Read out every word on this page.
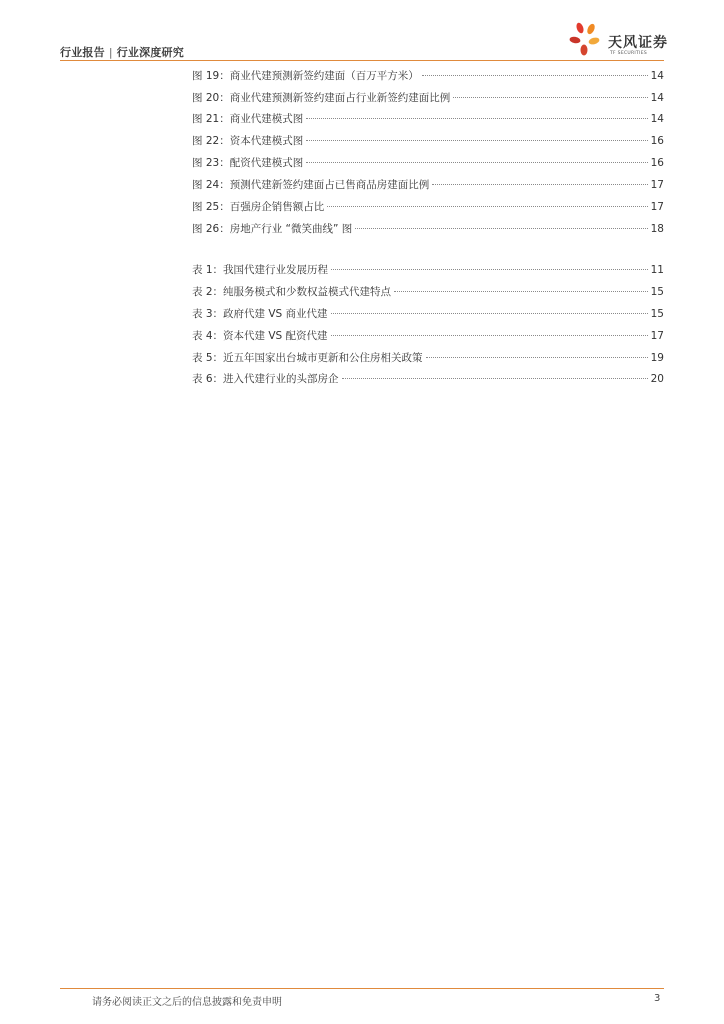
行业报告 | 行业深度研究
天风证券
TF SECURITIES
图 19：商业代建预测新签约建面（百万平方米）	14
图 20：商业代建预测新签约建面占行业新签约建面比例	14
图 21：商业代建模式图	14
图 22：资本代建模式图	16
图 23：配资代建模式图	16
图 24：预测代建新签约建面占已售商品房建面比例	17
图 25：百强房企销售额占比	17
图 26：房地产行业 “微笑曲线” 图	18
表 1：我国代建行业发展历程	11
表 2：纯服务模式和少数权益模式代建特点	15
表 3：政府代建 VS 商业代建	15
表 4：资本代建 VS 配资代建	17
表 5：近五年国家出台城市更新和公住房相关政策	19
表 6：进入代建行业的头部房企	20
请务必阅读正文之后的信息披露和免责申明	3
